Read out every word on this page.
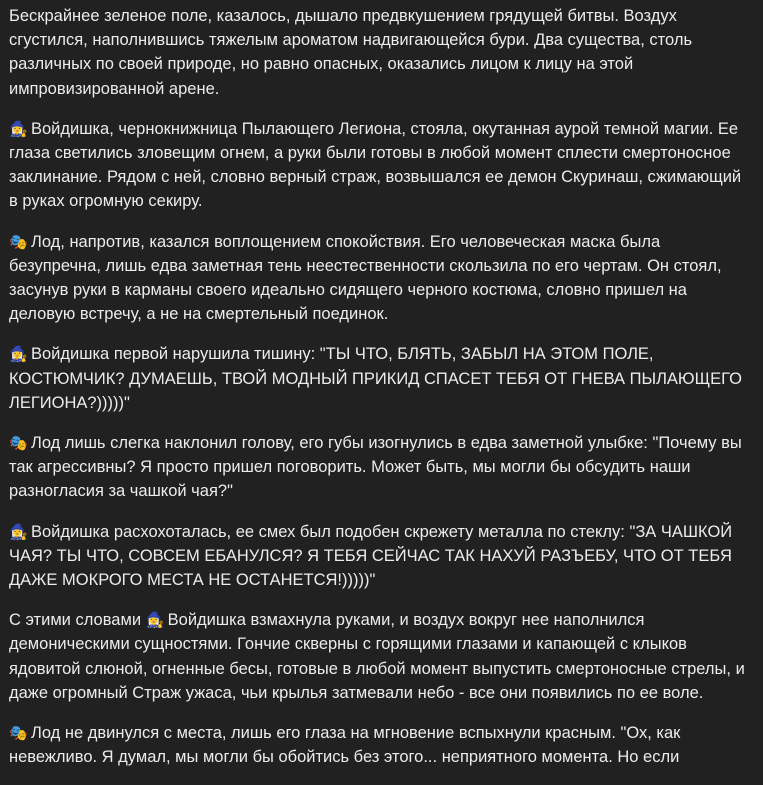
Бескрайнее зеленое поле, казалось, дышало предвкушением грядущей битвы. Воздух сгустился, наполнившись тяжелым ароматом надвигающейся бури. Два существа, столь различных по своей природе, но равно опасных, оказались лицом к лицу на этой импровизированной арене.

🧙‍♀️ Войдишка, чернокнижница Пылающего Легиона, стояла, окутанная аурой темной магии. Ее глаза светились зловещим огнем, а руки были готовы в любой момент сплести смертоносное заклинание. Рядом с ней, словно верный страж, возвышался ее демон Скуринаш, сжимающий в руках огромную секиру.

🎭 Лод, напротив, казался воплощением спокойствия. Его человеческая маска была безупречна, лишь едва заметная тень неестественности скользила по его чертам. Он стоял, засунув руки в карманы своего идеально сидящего черного костюма, словно пришел на деловую встречу, а не на смертельный поединок.

🧙‍♀️ Войдишка первой нарушила тишину: "ТЫ ЧТО, БЛЯТЬ, ЗАБЫЛ НА ЭТОМ ПОЛЕ, КОСТЮМЧИК? ДУМАЕШЬ, ТВОЙ МОДНЫЙ ПРИКИД СПАСЕТ ТЕБЯ ОТ ГНЕВА ПЫЛАЮЩЕГО ЛЕГИОНА?)))))"

🎭 Лод лишь слегка наклонил голову, его губы изогнулись в едва заметной улыбке: "Почему вы так агрессивны? Я просто пришел поговорить. Может быть, мы могли бы обсудить наши разногласия за чашкой чая?"

🧙‍♀️ Войдишка расхохоталась, ее смех был подобен скрежету металла по стеклу: "ЗА ЧАШКОЙ ЧАЯ? ТЫ ЧТО, СОВСЕМ ЕБАНУЛСЯ? Я ТЕБЯ СЕЙЧАС ТАК НАХУЙ РАЗЪЕБУ, ЧТО ОТ ТЕБЯ ДАЖЕ МОКРОГО МЕСТА НЕ ОСТАНЕТСЯ!)))))"

С этими словами 🧙‍♀️ Войдишка взмахнула руками, и воздух вокруг нее наполнился демоническими сущностями. Гончие скверны с горящими глазами и капающей с клыков ядовитой слюной, огненные бесы, готовые в любой момент выпустить смертоносные стрелы, и даже огромный Страж ужаса, чьи крылья затмевали небо - все они появились по ее воле.

🎭 Лод не двинулся с места, лишь его глаза на мгновение вспыхнули красным. "Ох, как невежливо. Я думал, мы могли бы обойтись без этого... неприятного момента. Но если
